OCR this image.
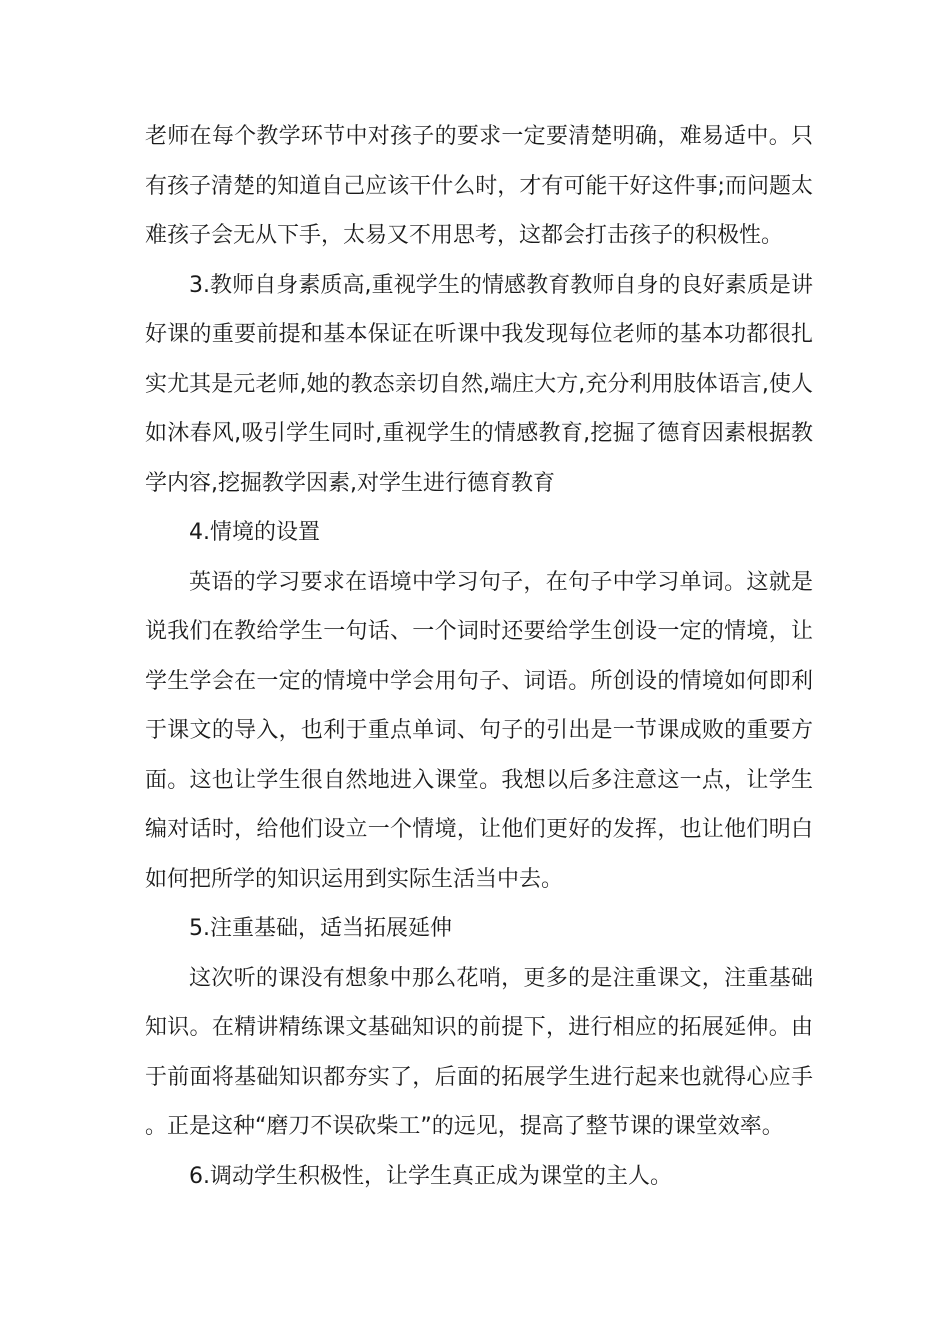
老师在每个教学环节中对孩子的要求一定要清楚明确，难易适中。只有孩子清楚的知道自己应该干什么时，才有可能干好这件事;而问题太难孩子会无从下手，太易又不用思考，这都会打击孩子的积极性。

3.教师自身素质高,重视学生的情感教育教师自身的良好素质是讲好课的重要前提和基本保证在听课中我发现每位老师的基本功都很扎实尤其是元老师,她的教态亲切自然,端庄大方,充分利用肢体语言,使人如沐春风,吸引学生同时,重视学生的情感教育,挖掘了德育因素根据教学内容,挖掘教学因素,对学生进行德育教育

4.情境的设置

英语的学习要求在语境中学习句子，在句子中学习单词。这就是说我们在教给学生一句话、一个词时还要给学生创设一定的情境，让学生学会在一定的情境中学会用句子、词语。所创设的情境如何即利于课文的导入，也利于重点单词、句子的引出是一节课成败的重要方面。这也让学生很自然地进入课堂。我想以后多注意这一点，让学生编对话时，给他们设立一个情境，让他们更好的发挥，也让他们明白如何把所学的知识运用到实际生活当中去。

5.注重基础，适当拓展延伸

这次听的课没有想象中那么花哨，更多的是注重课文，注重基础知识。在精讲精练课文基础知识的前提下，进行相应的拓展延伸。由于前面将基础知识都夯实了，后面的拓展学生进行起来也就得心应手。正是这种“磨刀不误砍柴工”的远见，提高了整节课的课堂效率。

6.调动学生积极性，让学生真正成为课堂的主人。
